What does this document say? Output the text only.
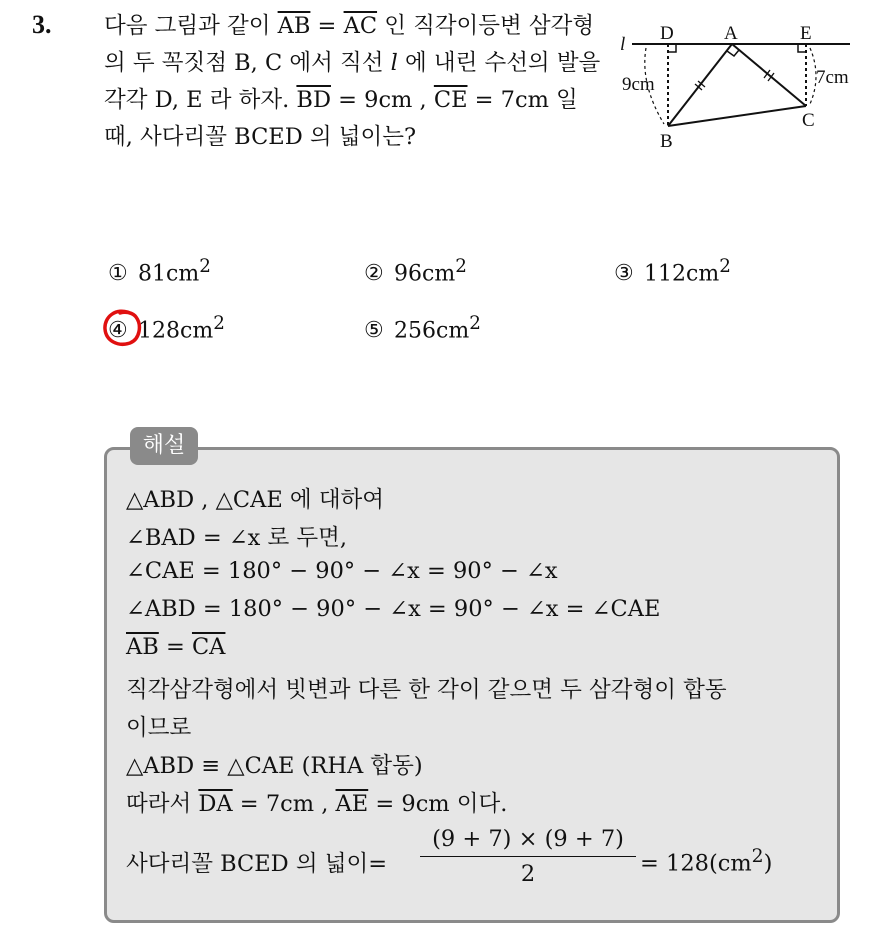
3. 다음 그림과 같이 $\overline{AB} = \overline{AC}$ 인 직각이등변 삼각형의 두 꼭짓점 B, C 에서 직선 l 에 내린 수선의 발을 각각 D, E 라 하자. $\overline{BD} = 9cm$ , $\overline{CE} = 7cm$ 일 때, 사다리꼴 BCED 의 넓이는?
l
D	A	E
B
C
9cm	7cm
① $81cm^2$	② $96cm^2$	③ $112cm^2$
④ $128cm^2$	⑤ $256cm^2$
해설
△ABD , △CAE 에 대하여
∠BAD = ∠x 로 두면,
∠CAE = 180° − 90° − ∠x = 90° − ∠x
∠ABD = 180° − 90° − ∠x = 90° − ∠x = ∠CAE
$\overline{AB} = \overline{CA}$
직각삼각형에서 빗변과 다른 한 각이 같으면 두 삼각형이 합동
이므로
△ABD ≡ △CAE (RHA 합동)
따라서 $\overline{DA} = 7cm$ , $\overline{AE} = 9cm$ 이다.
사다리꼴 BCED 의 넓이=
(9 + 7) × (9 + 7)
2	= $128(cm^2)$
